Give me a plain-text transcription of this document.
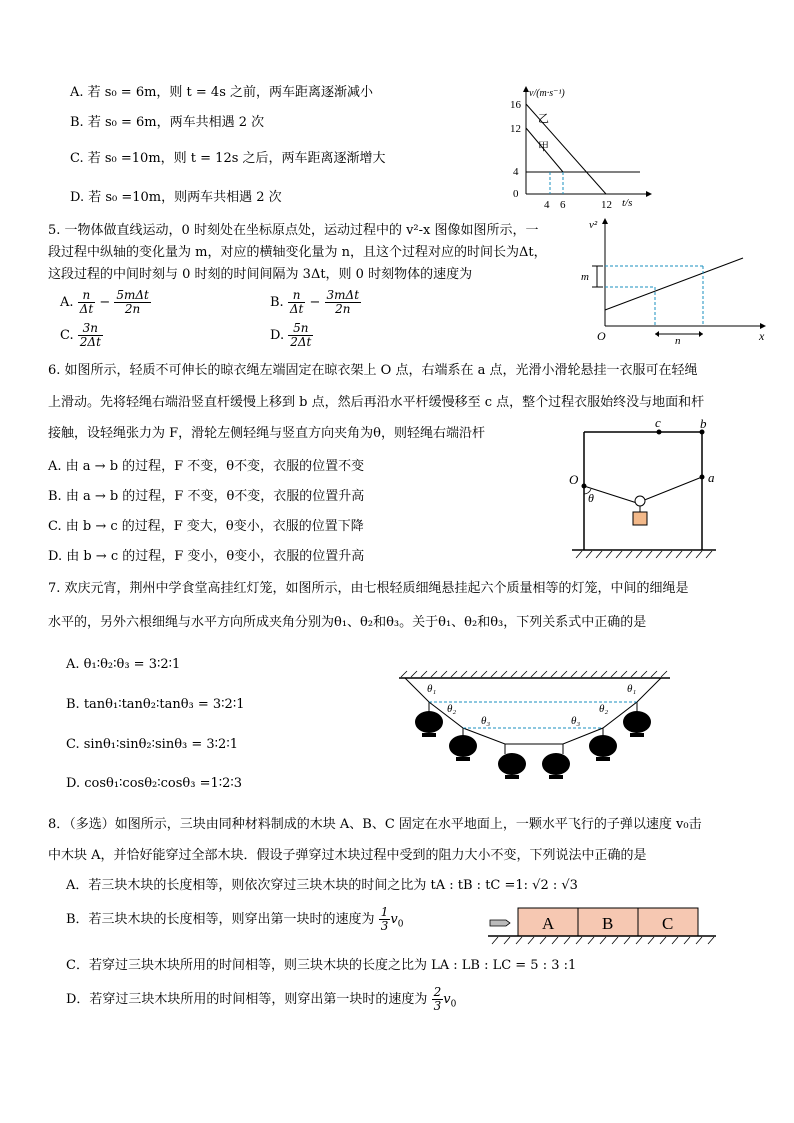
A. 若 s₀ = 6m，则 t = 4s 之前，两车距离逐渐减小
B. 若 s₀ = 6m，两车共相遇 2 次
C. 若 s₀ =10m，则 t = 12s 之后，两车距离逐渐增大
D. 若 s₀ =10m，则两车共相遇 2 次
v/(m·s⁻¹)
t/s
16
12
4
0
4 6	12
乙
甲
5. 一物体做直线运动，0 时刻处在坐标原点处，运动过程中的 v²-x 图像如图所示，一
段过程中纵轴的变化量为 m，对应的横轴变化量为 n，且这个过程对应的时间长为Δt，
这段过程的中间时刻与 0 时刻的时间间隔为 3Δt，则 0 时刻物体的速度为
A. $\frac{n}{\Delta t} - \frac{\text{5mΔt}}{2n}$	B. $\frac{n}{\Delta t} - \frac{\text{3mΔt}}{2n}$
C. $\frac{3n}{2\Delta t}$	D. $\frac{5n}{2\Delta t}$
v²
x
O
m
n
6. 如图所示，轻质不可伸长的晾衣绳左端固定在晾衣架上 O 点，右端系在 a 点，光滑小滑轮悬挂一衣服可在轻绳
上滑动。先将轻绳右端沿竖直杆缓慢上移到 b 点，然后再沿水平杆缓慢移至 c 点，整个过程衣服始终没与地面和杆
接触，设轻绳张力为 F，滑轮左侧轻绳与竖直方向夹角为θ，则轻绳右端沿杆
A. 由 a → b 的过程，F 不变，θ不变，衣服的位置不变
B. 由 a → b 的过程，F 不变，θ不变，衣服的位置升高
C. 由 b → c 的过程，F 变大，θ变小，衣服的位置下降
D. 由 b → c 的过程，F 变小，θ变小，衣服的位置升高
O	a
b
c
θ
7. 欢庆元宵，荆州中学食堂高挂红灯笼，如图所示，由七根轻质细绳悬挂起六个质量相等的灯笼，中间的细绳是
水平的，另外六根细绳与水平方向所成夹角分别为θ₁、θ₂和θ₃。关于θ₁、θ₂和θ₃，下列关系式中正确的是
A. θ₁∶θ₂∶θ₃ = 3∶2∶1
B. tanθ₁∶tanθ₂∶tanθ₃ = 3∶2∶1
C. sinθ₁∶sinθ₂∶sinθ₃ = 3∶2∶1
D. cosθ₁∶cosθ₂∶cosθ₃ =1∶2∶3
θ₁	θ₁
θ₂	θ₂
θ₃	θ₃
8．（多选）如图所示，三块由同种材料制成的木块 A、B、C 固定在水平地面上，一颗水平飞行的子弹以速度 v₀击
中木块 A，并恰好能穿过全部木块．假设子弹穿过木块过程中受到的阻力大小不变，下列说法中正确的是
A．若三块木块的长度相等，则依次穿过三块木块的时间之比为 tA : tB : tC =1: √2 : √3
B．若三块木块的长度相等，则穿出第一块时的速度为 $\frac{1}{3} v_0$
C．若穿过三块木块所用的时间相等，则三块木块的长度之比为 LA : LB : LC = 5 : 3 :1
D．若穿过三块木块所用的时间相等，则穿出第一块时的速度为 $\frac{2}{3} v_0$
A	B	C
